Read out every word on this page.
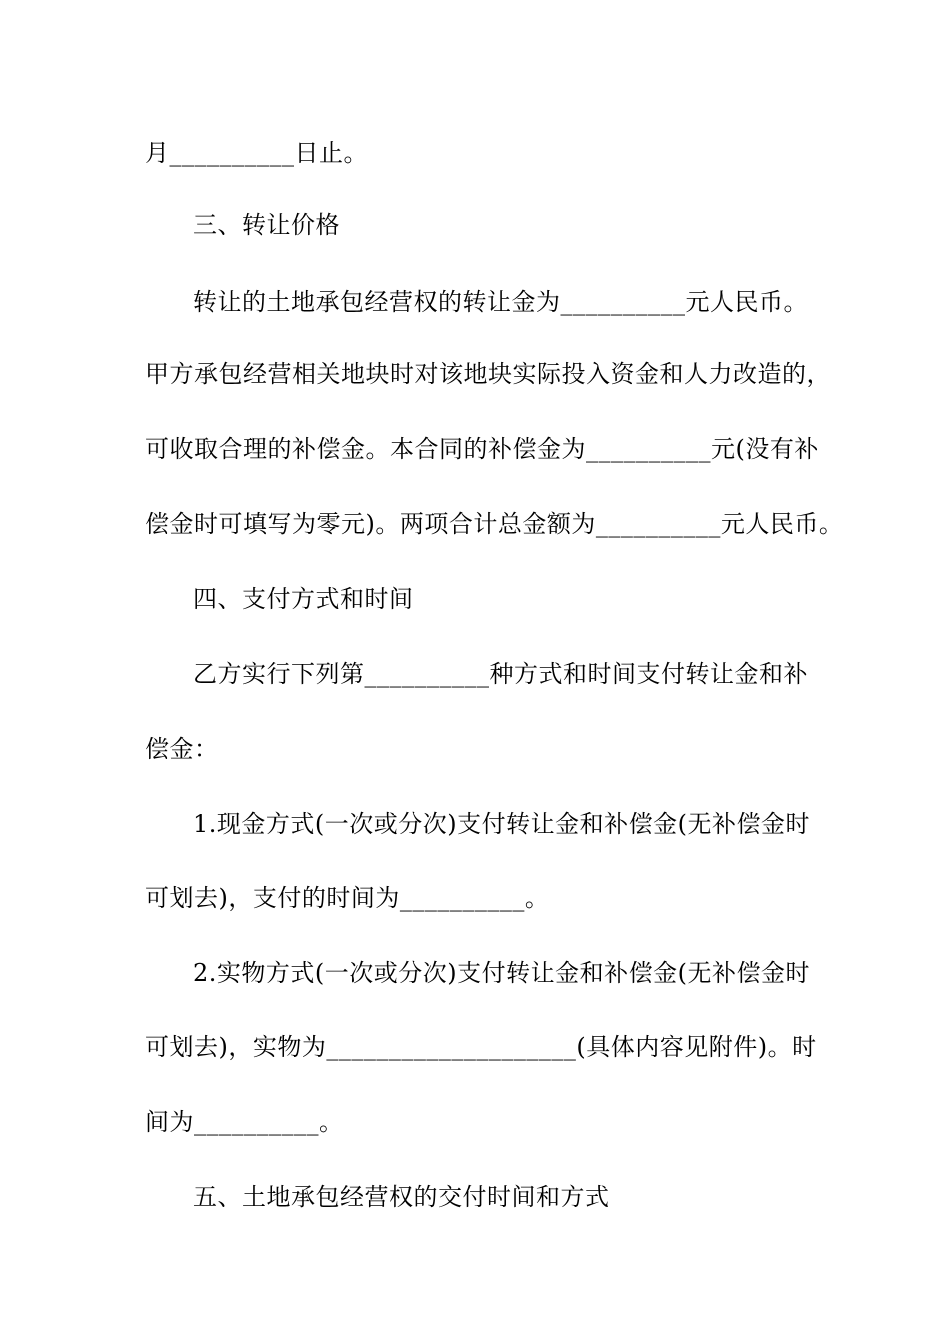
月__________日止。
三、转让价格
转让的土地承包经营权的转让金为__________元人民币。
甲方承包经营相关地块时对该地块实际投入资金和人力改造的，
可收取合理的补偿金。本合同的补偿金为__________元(没有补
偿金时可填写为零元)。两项合计总金额为__________元人民币。
四、支付方式和时间
乙方实行下列第__________种方式和时间支付转让金和补
偿金：
1.现金方式(一次或分次)支付转让金和补偿金(无补偿金时
可划去)，支付的时间为__________。
2.实物方式(一次或分次)支付转让金和补偿金(无补偿金时
可划去)，实物为____________________(具体内容见附件)。时
间为__________。
五、土地承包经营权的交付时间和方式
